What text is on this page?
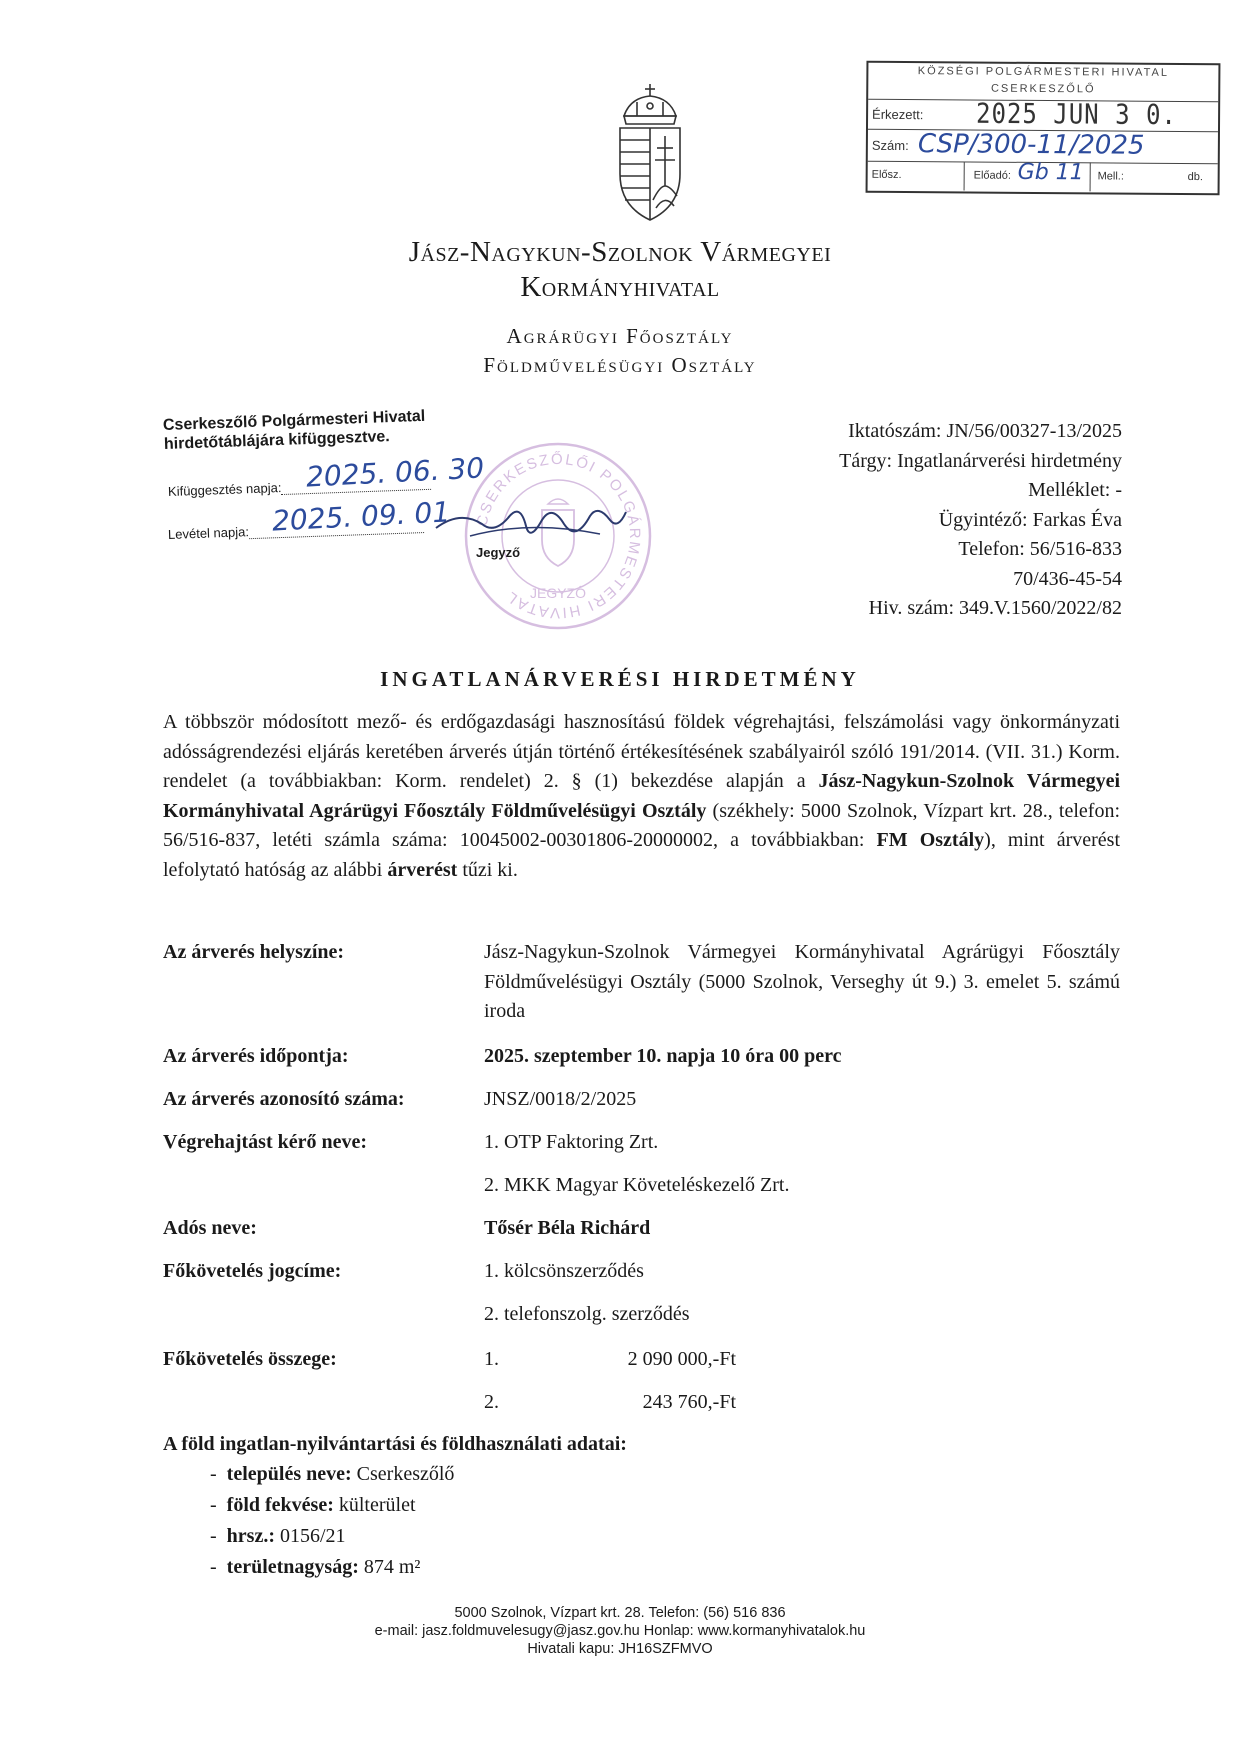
KÖZSÉGI POLGÁRMESTERI HIVATAL
CSERKESZŐLŐ
Érkezett: 2025 JUN 3 0.
Szám: CSP/300-11/2025
Elősz.	Előadó: Gb 11 Mell.:	db.
Jász-Nagykun-Szolnok Vármegyei
Kormányhivatal
Agrárügyi Főosztály
Földművelésügyi Osztály
CSERKESZŐLŐI POLGÁRMESTERI HIVATAL JEGYZŐ
Cserkeszőlő Polgármesteri Hivatal
hirdetőtáblájára kifüggesztve.
Kifüggesztés napja: 2025. 06. 30
Levétel napja: 2025. 09. 01
Jegyző
Iktatószám: JN/56/00327-13/2025
Tárgy: Ingatlanárverési hirdetmény
Melléklet: -
Ügyintéző: Farkas Éva
Telefon: 56/516-833
70/436-45-54
Hiv. szám: 349.V.1560/2022/82
INGATLANÁRVERÉSI HIRDETMÉNY
A többször módosított mező- és erdőgazdasági hasznosítású földek végrehajtási, felszámolási vagy önkormányzati adósságrendezési eljárás keretében árverés útján történő értékesítésének szabályairól szóló 191/2014. (VII. 31.) Korm. rendelet (a továbbiakban: Korm. rendelet) 2. § (1) bekezdése alapján a Jász-Nagykun-Szolnok Vármegyei Kormányhivatal Agrárügyi Főosztály Földművelésügyi Osztály (székhely: 5000 Szolnok, Vízpart krt. 28., telefon: 56/516-837, letéti számla száma: 10045002-00301806-20000002, a továbbiakban: FM Osztály), mint árverést lefolytató hatóság az alábbi árverést tűzi ki.
Az árverés helyszíne:	Jász-Nagykun-Szolnok Vármegyei Kormányhivatal Agrárügyi Főosztály Földművelésügyi Osztály (5000 Szolnok, Verseghy út 9.) 3. emelet 5. számú iroda
Az árverés időpontja:	2025. szeptember 10. napja 10 óra 00 perc
Az árverés azonosító száma:	JNSZ/0018/2/2025
Végrehajtást kérő neve:	1. OTP Faktoring Zrt.
2. MKK Magyar Követeléskezelő Zrt.
Adós neve:	Tősér Béla Richárd
Főkövetelés jogcíme:	1. kölcsönszerződés
2. telefonszolg. szerződés
Főkövetelés összege:	1.	2 090 000,-Ft
2.	243 760,-Ft
A föld ingatlan-nyilvántartási és földhasználati adatai:
-  település neve: Cserkeszőlő
-  föld fekvése: külterület
-  hrsz.: 0156/21
-  területnagyság: 874 m²
5000 Szolnok, Vízpart krt. 28. Telefon: (56) 516 836
e-mail: jasz.foldmuvelesugy@jasz.gov.hu Honlap: www.kormanyhivatalok.hu
Hivatali kapu: JH16SZFMVO
